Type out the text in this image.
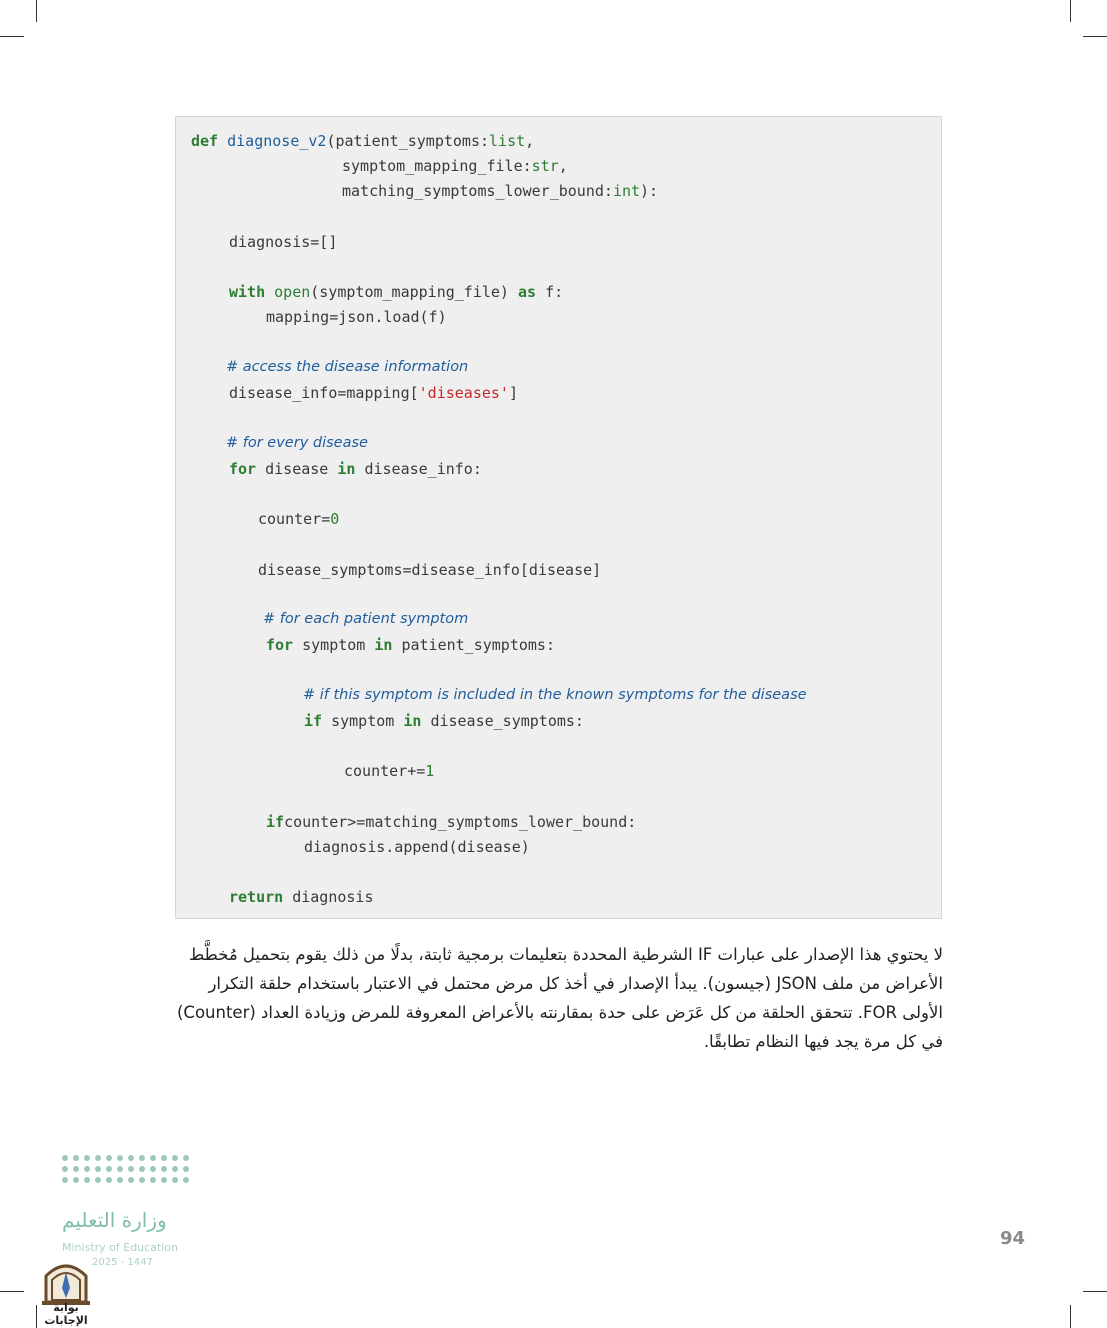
def diagnose_v2(patient_symptoms:list,
symptom_mapping_file:str,
matching_symptoms_lower_bound:int):
diagnosis=[]
with open(symptom_mapping_file) as f:
mapping=json.load(f)
# access the disease information
disease_info=mapping['diseases']
# for every disease
for disease in disease_info:
counter=0
disease_symptoms=disease_info[disease]
# for each patient symptom
for symptom in patient_symptoms:
# if this symptom is included in the known symptoms for the disease
if symptom in disease_symptoms:
counter+=1
ifcounter>=matching_symptoms_lower_bound:
diagnosis.append(disease)
return diagnosis
لا يحتوي هذا الإصدار على عبارات IF الشرطية المحددة بتعليمات برمجية ثابتة، بدلًا من ذلك يقوم بتحميل مُخطَّط الأعراض من ملف JSON (جيسون). يبدأ الإصدار في أخذ كل مرض محتمل في الاعتبار باستخدام حلقة التكرار الأولى FOR. تتحقق الحلقة من كل عَرَض على حدة بمقارنته بالأعراض المعروفة للمرض وزيادة العداد (Counter) في كل مرة يجد فيها النظام تطابقًا.
وزارة التعليم
Ministry of Education
2025 - 1447
94
بوابة الإجابات
